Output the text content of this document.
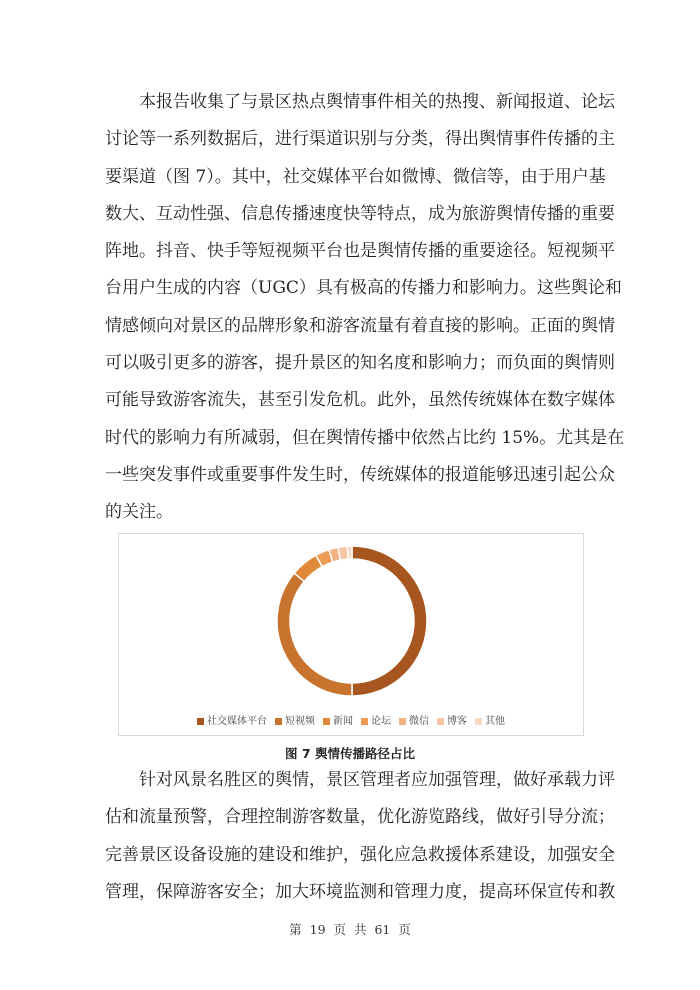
本报告收集了与景区热点舆情事件相关的热搜、新闻报道、论坛
讨论等一系列数据后，进行渠道识别与分类，得出舆情事件传播的主
要渠道（图 7）。其中，社交媒体平台如微博、微信等，由于用户基
数大、互动性强、信息传播速度快等特点，成为旅游舆情传播的重要
阵地。抖音、快手等短视频平台也是舆情传播的重要途径。短视频平
台用户生成的内容（UGC）具有极高的传播力和影响力。这些舆论和
情感倾向对景区的品牌形象和游客流量有着直接的影响。正面的舆情
可以吸引更多的游客，提升景区的知名度和影响力；而负面的舆情则
可能导致游客流失，甚至引发危机。此外，虽然传统媒体在数字媒体
时代的影响力有所减弱，但在舆情传播中依然占比约 15%。尤其是在
一些突发事件或重要事件发生时，传统媒体的报道能够迅速引起公众
的关注。
社交媒体平台 短视频 新闻 论坛 微信 博客 其他
图 7 舆情传播路径占比
针对风景名胜区的舆情，景区管理者应加强管理，做好承载力评
估和流量预警，合理控制游客数量，优化游览路线，做好引导分流；
完善景区设备设施的建设和维护，强化应急救援体系建设，加强安全
管理，保障游客安全；加大环境监测和管理力度，提高环保宣传和教
第 19 页 共 61 页
